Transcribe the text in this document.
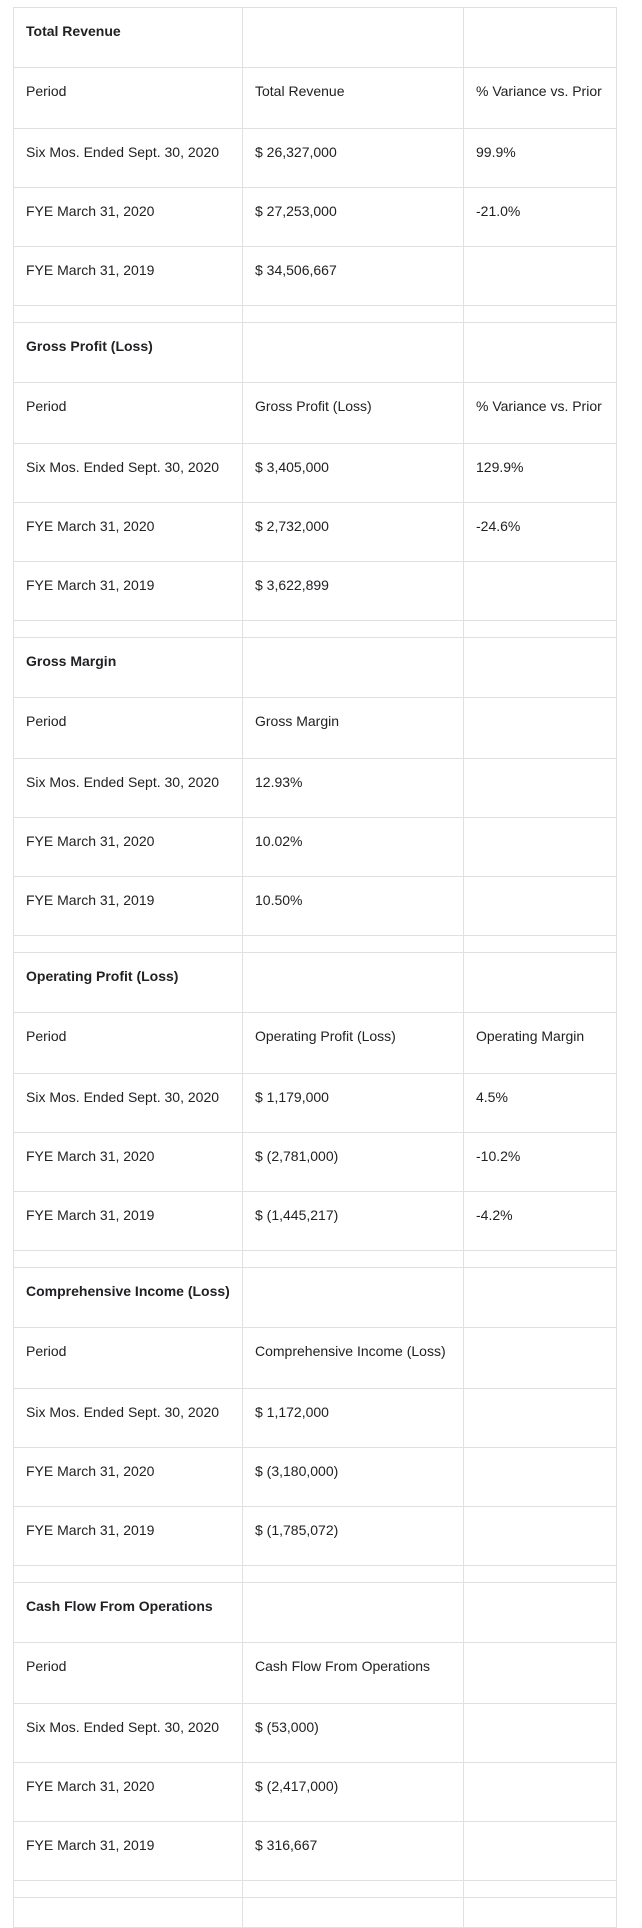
Total Revenue		
Period	Total Revenue	% Variance vs. Prior
Six Mos. Ended Sept. 30, 2020	$ 26,327,000	99.9%
FYE March 31, 2020	$ 27,253,000	-21.0%
FYE March 31, 2019	$ 34,506,667	

Gross Profit (Loss)		
Period	Gross Profit (Loss)	% Variance vs. Prior
Six Mos. Ended Sept. 30, 2020	$ 3,405,000	129.9%
FYE March 31, 2020	$ 2,732,000	-24.6%
FYE March 31, 2019	$ 3,622,899	

Gross Margin		
Period	Gross Margin	
Six Mos. Ended Sept. 30, 2020	12.93%	
FYE March 31, 2020	10.02%	
FYE March 31, 2019	10.50%	

Operating Profit (Loss)		
Period	Operating Profit (Loss)	Operating Margin
Six Mos. Ended Sept. 30, 2020	$ 1,179,000	4.5%
FYE March 31, 2020	$ (2,781,000)	-10.2%
FYE March 31, 2019	$ (1,445,217)	-4.2%

Comprehensive Income (Loss)		
Period	Comprehensive Income (Loss)	
Six Mos. Ended Sept. 30, 2020	$ 1,172,000	
FYE March 31, 2020	$ (3,180,000)	
FYE March 31, 2019	$ (1,785,072)	

Cash Flow From Operations		
Period	Cash Flow From Operations	
Six Mos. Ended Sept. 30, 2020	$ (53,000)	
FYE March 31, 2020	$ (2,417,000)	
FYE March 31, 2019	$ 316,667	
